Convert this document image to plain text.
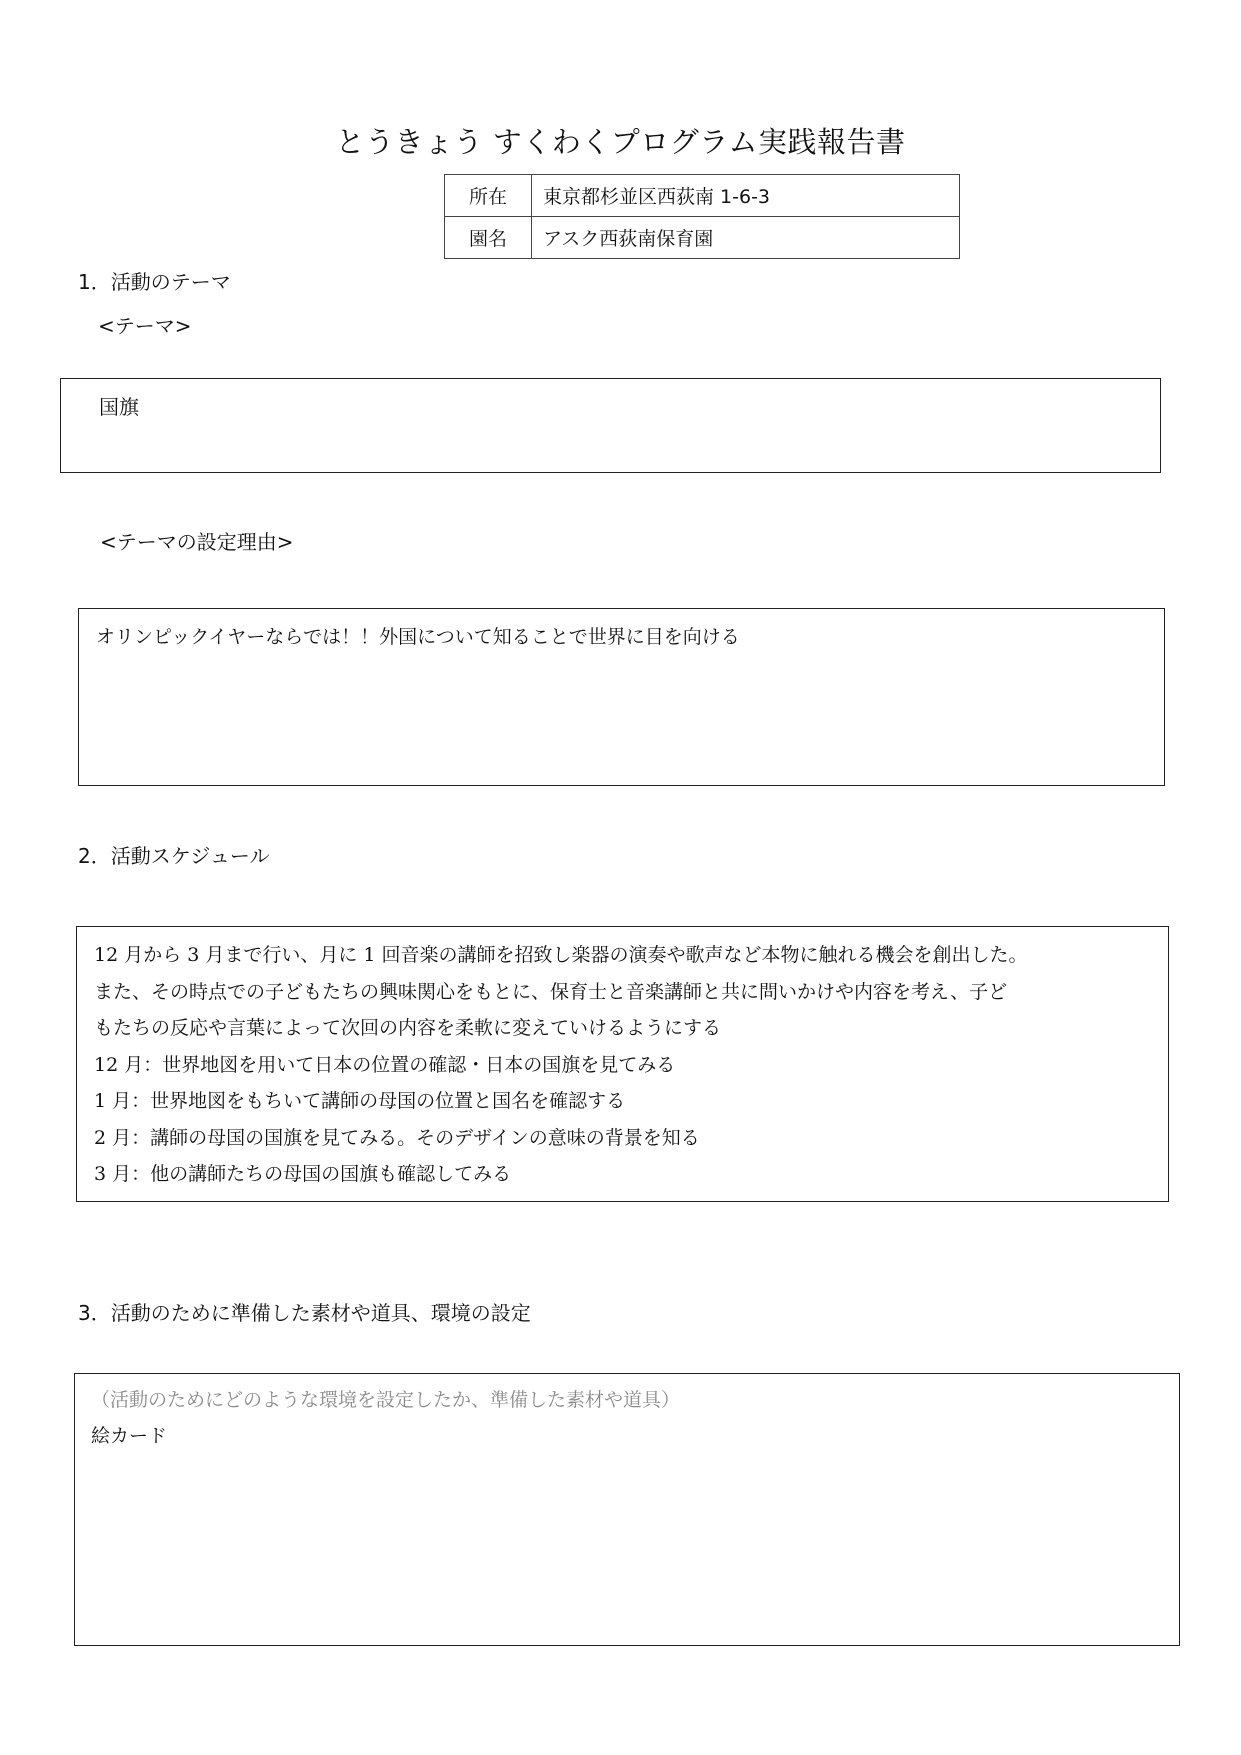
とうきょう すくわくプログラム実践報告書
所在	東京都杉並区西荻南 1-6-3
園名	アスク西荻南保育園
1．活動のテーマ
<テーマ>
国旗
<テーマの設定理由>
オリンピックイヤーならでは！！外国について知ることで世界に目を向ける
2．活動スケジュール
12 月から 3 月まで行い、月に 1 回音楽の講師を招致し楽器の演奏や歌声など本物に触れる機会を創出した。
また、その時点での子どもたちの興味関心をもとに、保育士と音楽講師と共に問いかけや内容を考え、子ど
もたちの反応や言葉によって次回の内容を柔軟に変えていけるようにする
12 月：世界地図を用いて日本の位置の確認・日本の国旗を見てみる
1 月：世界地図をもちいて講師の母国の位置と国名を確認する
2 月：講師の母国の国旗を見てみる。そのデザインの意味の背景を知る
3 月：他の講師たちの母国の国旗も確認してみる
3．活動のために準備した素材や道具、環境の設定
（活動のためにどのような環境を設定したか、準備した素材や道具）
絵カード
